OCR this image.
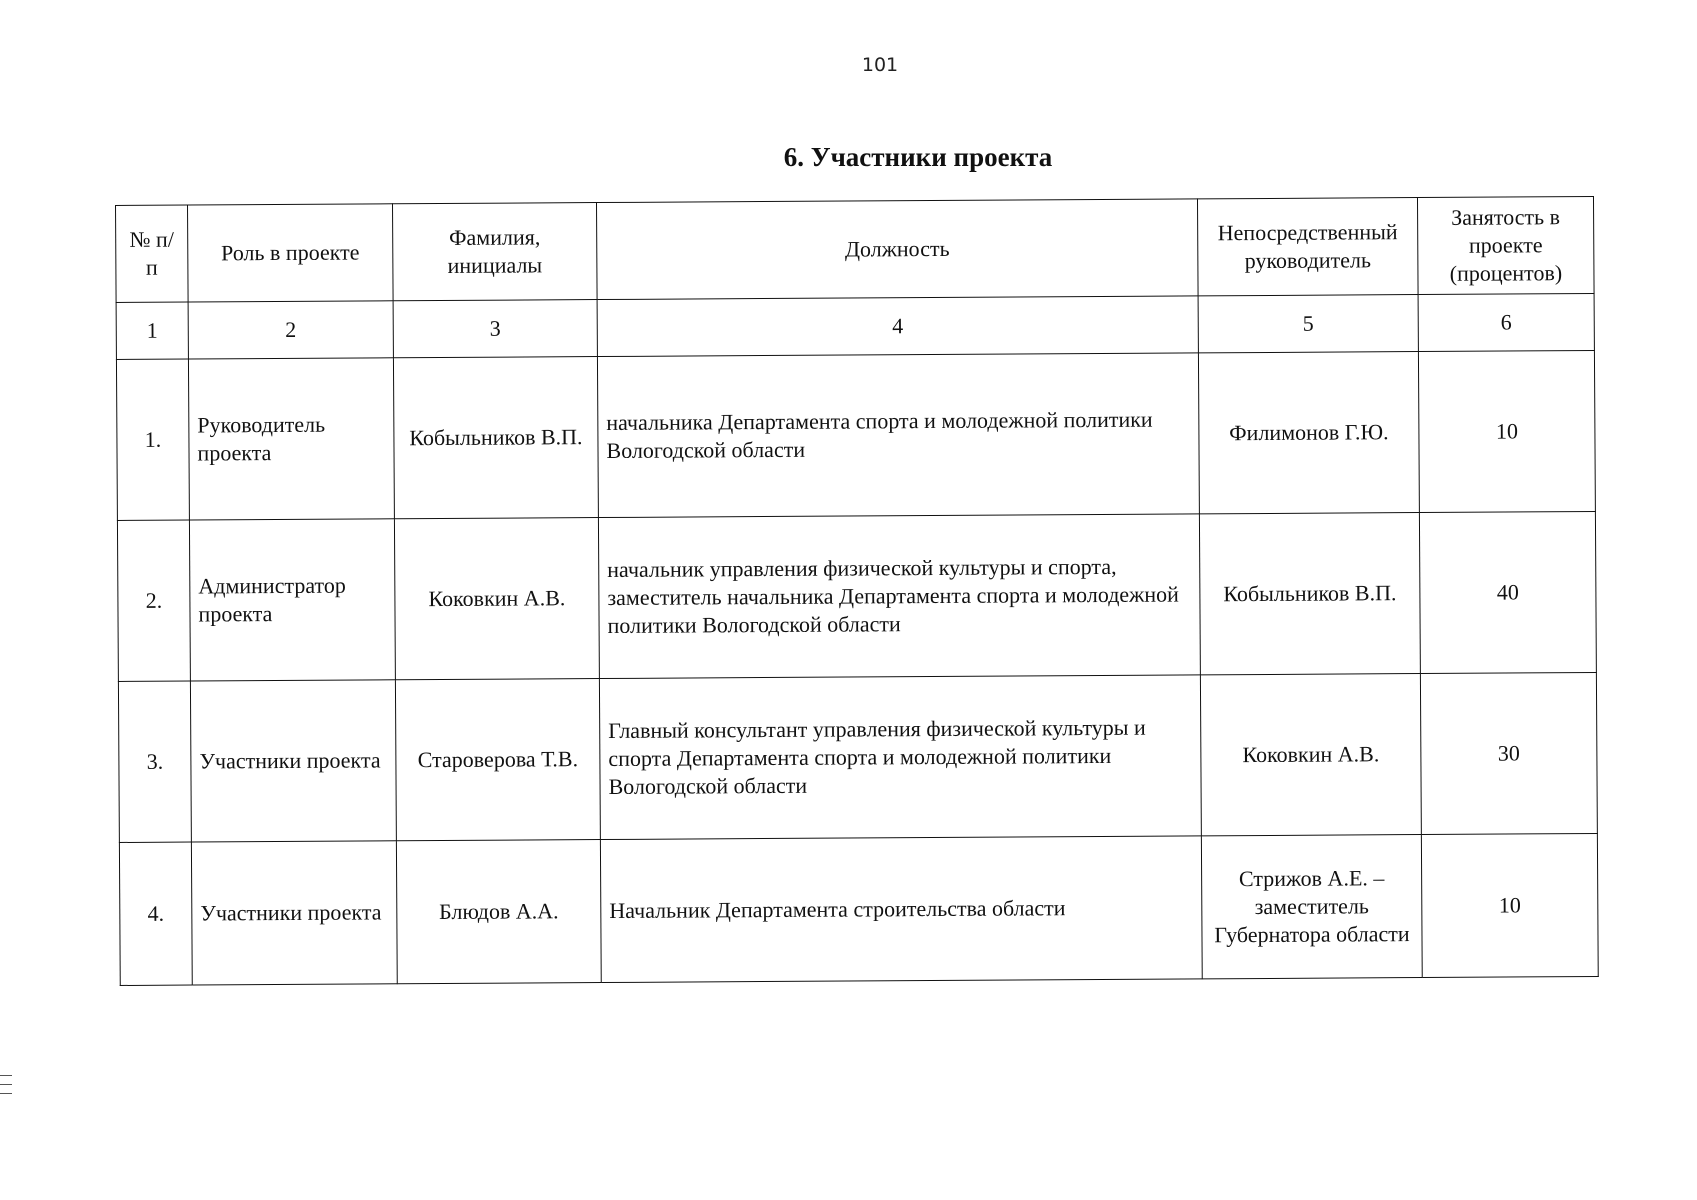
101
6. Участники проекта
№ п/п	Роль в проекте	Фамилия, инициалы	Должность	Непосредственный руководитель	Занятость в проекте (процентов)
1	2	3	4	5	6
1.	Руководитель проекта	Кобыльников В.П.	начальника Департамента спорта и молодежной политики Вологодской области	Филимонов Г.Ю.	10
2.	Администратор проекта	Коковкин А.В.	начальник управления физической культуры и спорта, заместитель начальника Департамента спорта и молодежной политики Вологодской области	Кобыльников В.П.	40
3.	Участники проекта	Староверова Т.В.	Главный консультант управления физической культуры и спорта Департамента спорта и молодежной политики Вологодской области	Коковкин А.В.	30
4.	Участники проекта	Блюдов А.А.	Начальник Департамента строительства области	Стрижов А.Е. – заместитель Губернатора области	10
